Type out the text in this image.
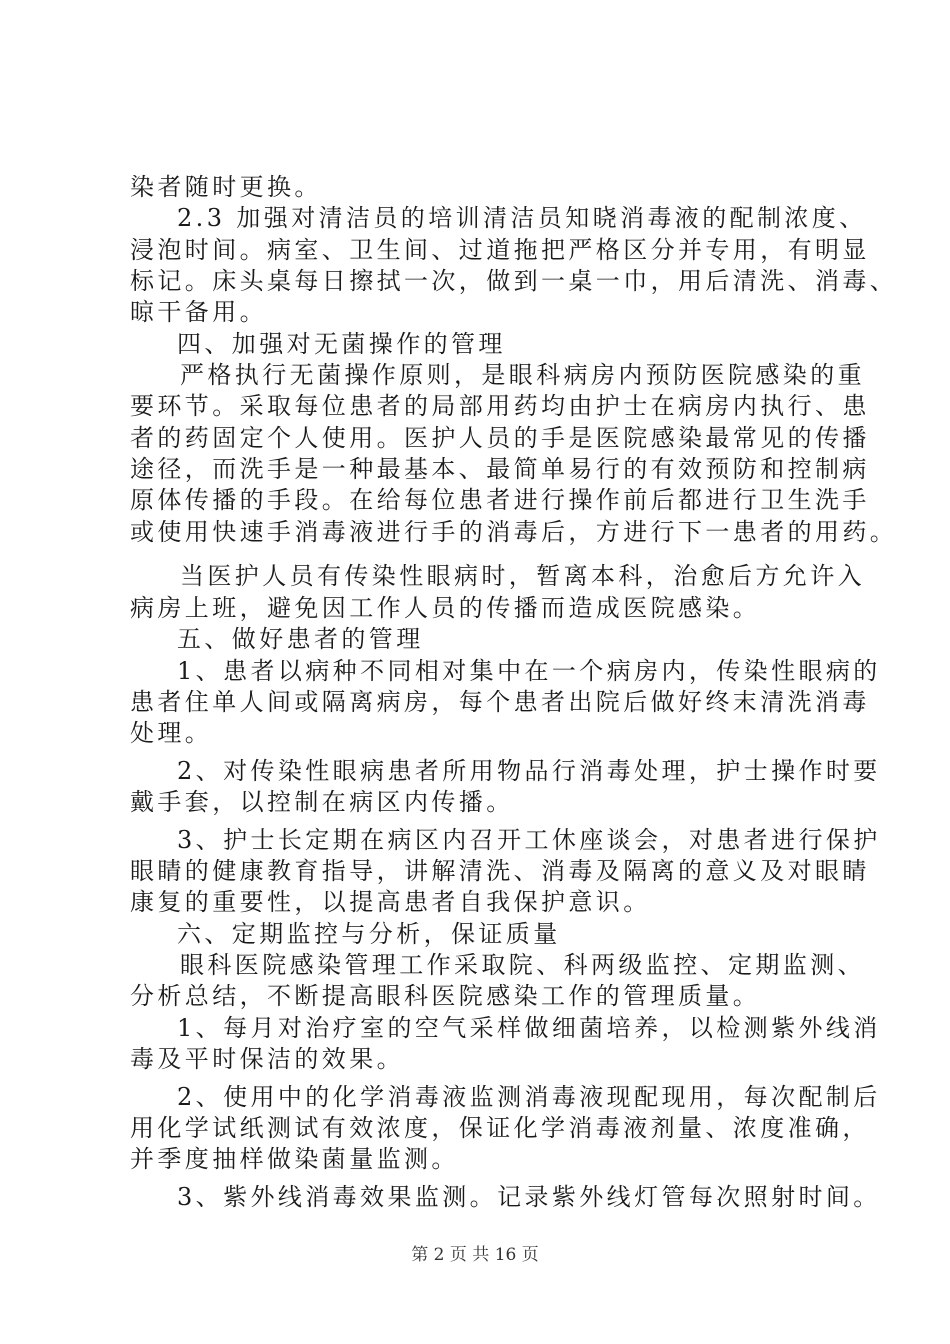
染者随时更换。
2.3 加强对清洁员的培训清洁员知晓消毒液的配制浓度、
浸泡时间。病室、卫生间、过道拖把严格区分并专用，有明显
标记。床头桌每日擦拭一次，做到一桌一巾，用后清洗、消毒、
晾干备用。
四、加强对无菌操作的管理
严格执行无菌操作原则，是眼科病房内预防医院感染的重
要环节。采取每位患者的局部用药均由护士在病房内执行、患
者的药固定个人使用。医护人员的手是医院感染最常见的传播
途径，而洗手是一种最基本、最简单易行的有效预防和控制病
原体传播的手段。在给每位患者进行操作前后都进行卫生洗手
或使用快速手消毒液进行手的消毒后，方进行下一患者的用药。
当医护人员有传染性眼病时，暂离本科，治愈后方允许入
病房上班，避免因工作人员的传播而造成医院感染。
五、做好患者的管理
1、患者以病种不同相对集中在一个病房内，传染性眼病的
患者住单人间或隔离病房，每个患者出院后做好终末清洗消毒
处理。
2、对传染性眼病患者所用物品行消毒处理，护士操作时要
戴手套，以控制在病区内传播。
3、护士长定期在病区内召开工休座谈会，对患者进行保护
眼睛的健康教育指导，讲解清洗、消毒及隔离的意义及对眼睛
康复的重要性，以提高患者自我保护意识。
六、定期监控与分析，保证质量
眼科医院感染管理工作采取院、科两级监控、定期监测、
分析总结，不断提高眼科医院感染工作的管理质量。
1、每月对治疗室的空气采样做细菌培养，以检测紫外线消
毒及平时保洁的效果。
2、使用中的化学消毒液监测消毒液现配现用，每次配制后
用化学试纸测试有效浓度，保证化学消毒液剂量、浓度准确，
并季度抽样做染菌量监测。
3、紫外线消毒效果监测。记录紫外线灯管每次照射时间。
第 2 页 共 16 页
